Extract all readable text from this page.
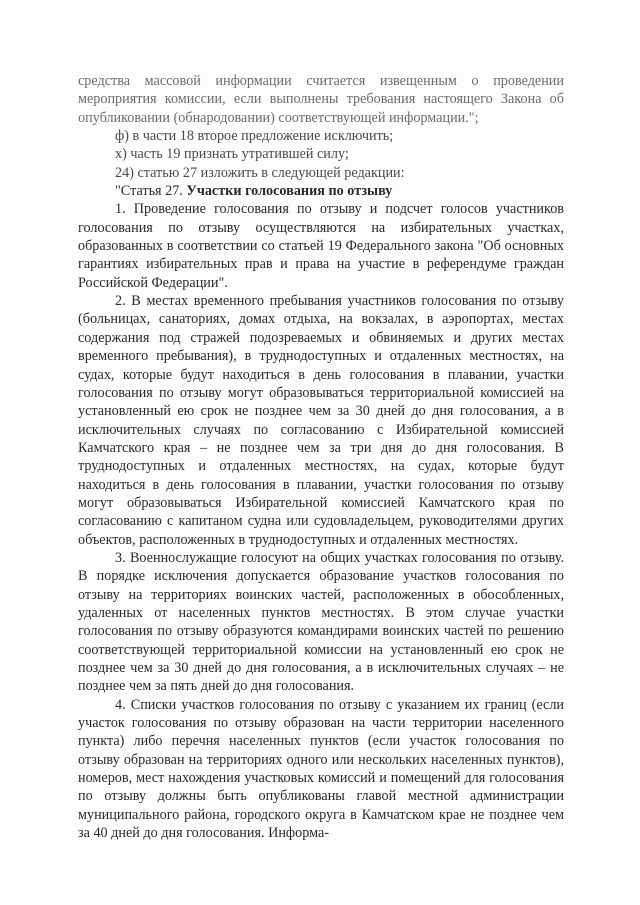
средства массовой информации считается извещенным о проведении мероприятия комиссии, если выполнены требования настоящего Закона об опубликовании (обнародовании) соответствующей информации.";

ф) в части 18 второе предложение исключить;

х) часть 19 признать утратившей силу;

24) статью 27 изложить в следующей редакции:

"Статья 27. Участки голосования по отзыву

1. Проведение голосования по отзыву и подсчет голосов участников голосования по отзыву осуществляются на избирательных участках, образованных в соответствии со статьей 19 Федерального закона "Об основных гарантиях избирательных прав и права на участие в референдуме граждан Российской Федерации".

2. В местах временного пребывания участников голосования по отзыву (больницах, санаториях, домах отдыха, на вокзалах, в аэропортах, местах содержания под стражей подозреваемых и обвиняемых и других местах временного пребывания), в труднодоступных и отдаленных местностях, на судах, которые будут находиться в день голосования в плавании, участки голосования по отзыву могут образовываться территориальной комиссией на установленный ею срок не позднее чем за 30 дней до дня голосования, а в исключительных случаях по согласованию с Избирательной комиссией Камчатского края – не позднее чем за три дня до дня голосования. В труднодоступных и отдаленных местностях, на судах, которые будут находиться в день голосования в плавании, участки голосования по отзыву могут образовываться Избирательной комиссией Камчатского края по согласованию с капитаном судна или судовладельцем, руководителями других объектов, расположенных в труднодоступных и отдаленных местностях.

3. Военнослужащие голосуют на общих участках голосования по отзыву. В порядке исключения допускается образование участков голосования по отзыву на территориях воинских частей, расположенных в обособленных, удаленных от населенных пунктов местностях. В этом случае участки голосования по отзыву образуются командирами воинских частей по решению соответствующей территориальной комиссии на установленный ею срок не позднее чем за 30 дней до дня голосования, а в исключительных случаях – не позднее чем за пять дней до дня голосования.

4. Списки участков голосования по отзыву с указанием их границ (если участок голосования по отзыву образован на части территории населенного пункта) либо перечня населенных пунктов (если участок голосования по отзыву образован на территориях одного или нескольких населенных пунктов), номеров, мест нахождения участковых комиссий и помещений для голосования по отзыву должны быть опубликованы главой местной администрации муниципального района, городского округа в Камчатском крае не позднее чем за 40 дней до дня голосования. Информа-
